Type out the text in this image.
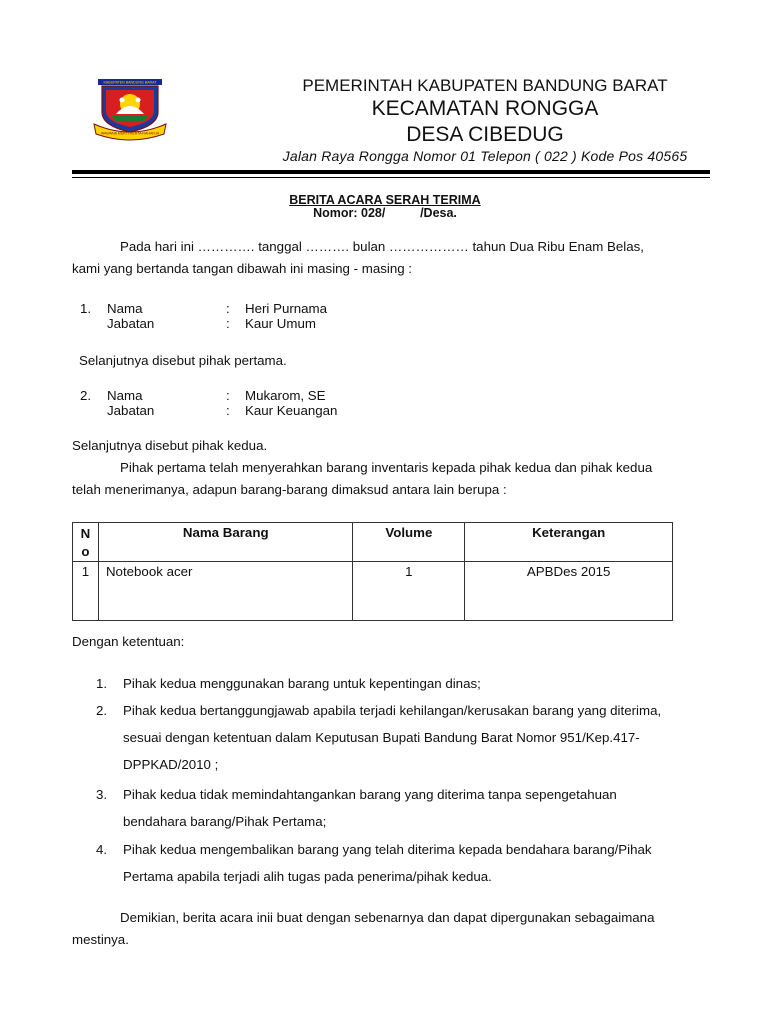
KABUPATEN BANDUNG BARAT
WAWANA MUKTI KERTA RAHARJA
PEMERINTAH KABUPATEN BANDUNG BARAT
KECAMATAN RONGGA
DESA CIBEDUG
Jalan Raya Rongga Nomor 01 Telepon ( 022 ) Kode Pos 40565
BERITA ACARA SERAH TERIMA
Nomor: 028/          /Desa.
Pada hari ini …………. tanggal ………. bulan ……………… tahun Dua Ribu Enam Belas,
kami yang bertanda tangan dibawah ini masing - masing :
1. Nama	: Heri Purnama
Jabatan	: Kaur Umum
Selanjutnya disebut pihak pertama.
2. Nama	: Mukarom, SE
Jabatan	: Kaur Keuangan
Selanjutnya disebut pihak kedua.
Pihak pertama telah menyerahkan barang inventaris kepada pihak kedua dan pihak kedua
telah menerimanya, adapun barang-barang dimaksud antara lain berupa :
N
o	Nama Barang	Volume	Keterangan
1	Notebook acer	1	APBDes 2015
Dengan ketentuan:
1. Pihak kedua menggunakan barang untuk kepentingan dinas;
2. Pihak kedua bertanggungjawab apabila terjadi kehilangan/kerusakan barang yang diterima,
sesuai dengan ketentuan dalam Keputusan Bupati Bandung Barat Nomor 951/Kep.417-
DPPKAD/2010 ;
3. Pihak kedua tidak memindahtangankan barang yang diterima tanpa sepengetahuan
bendahara barang/Pihak Pertama;
4. Pihak kedua mengembalikan barang yang telah diterima kepada bendahara barang/Pihak
Pertama apabila terjadi alih tugas pada penerima/pihak kedua.
Demikian, berita acara inii buat dengan sebenarnya dan dapat dipergunakan sebagaimana
mestinya.
